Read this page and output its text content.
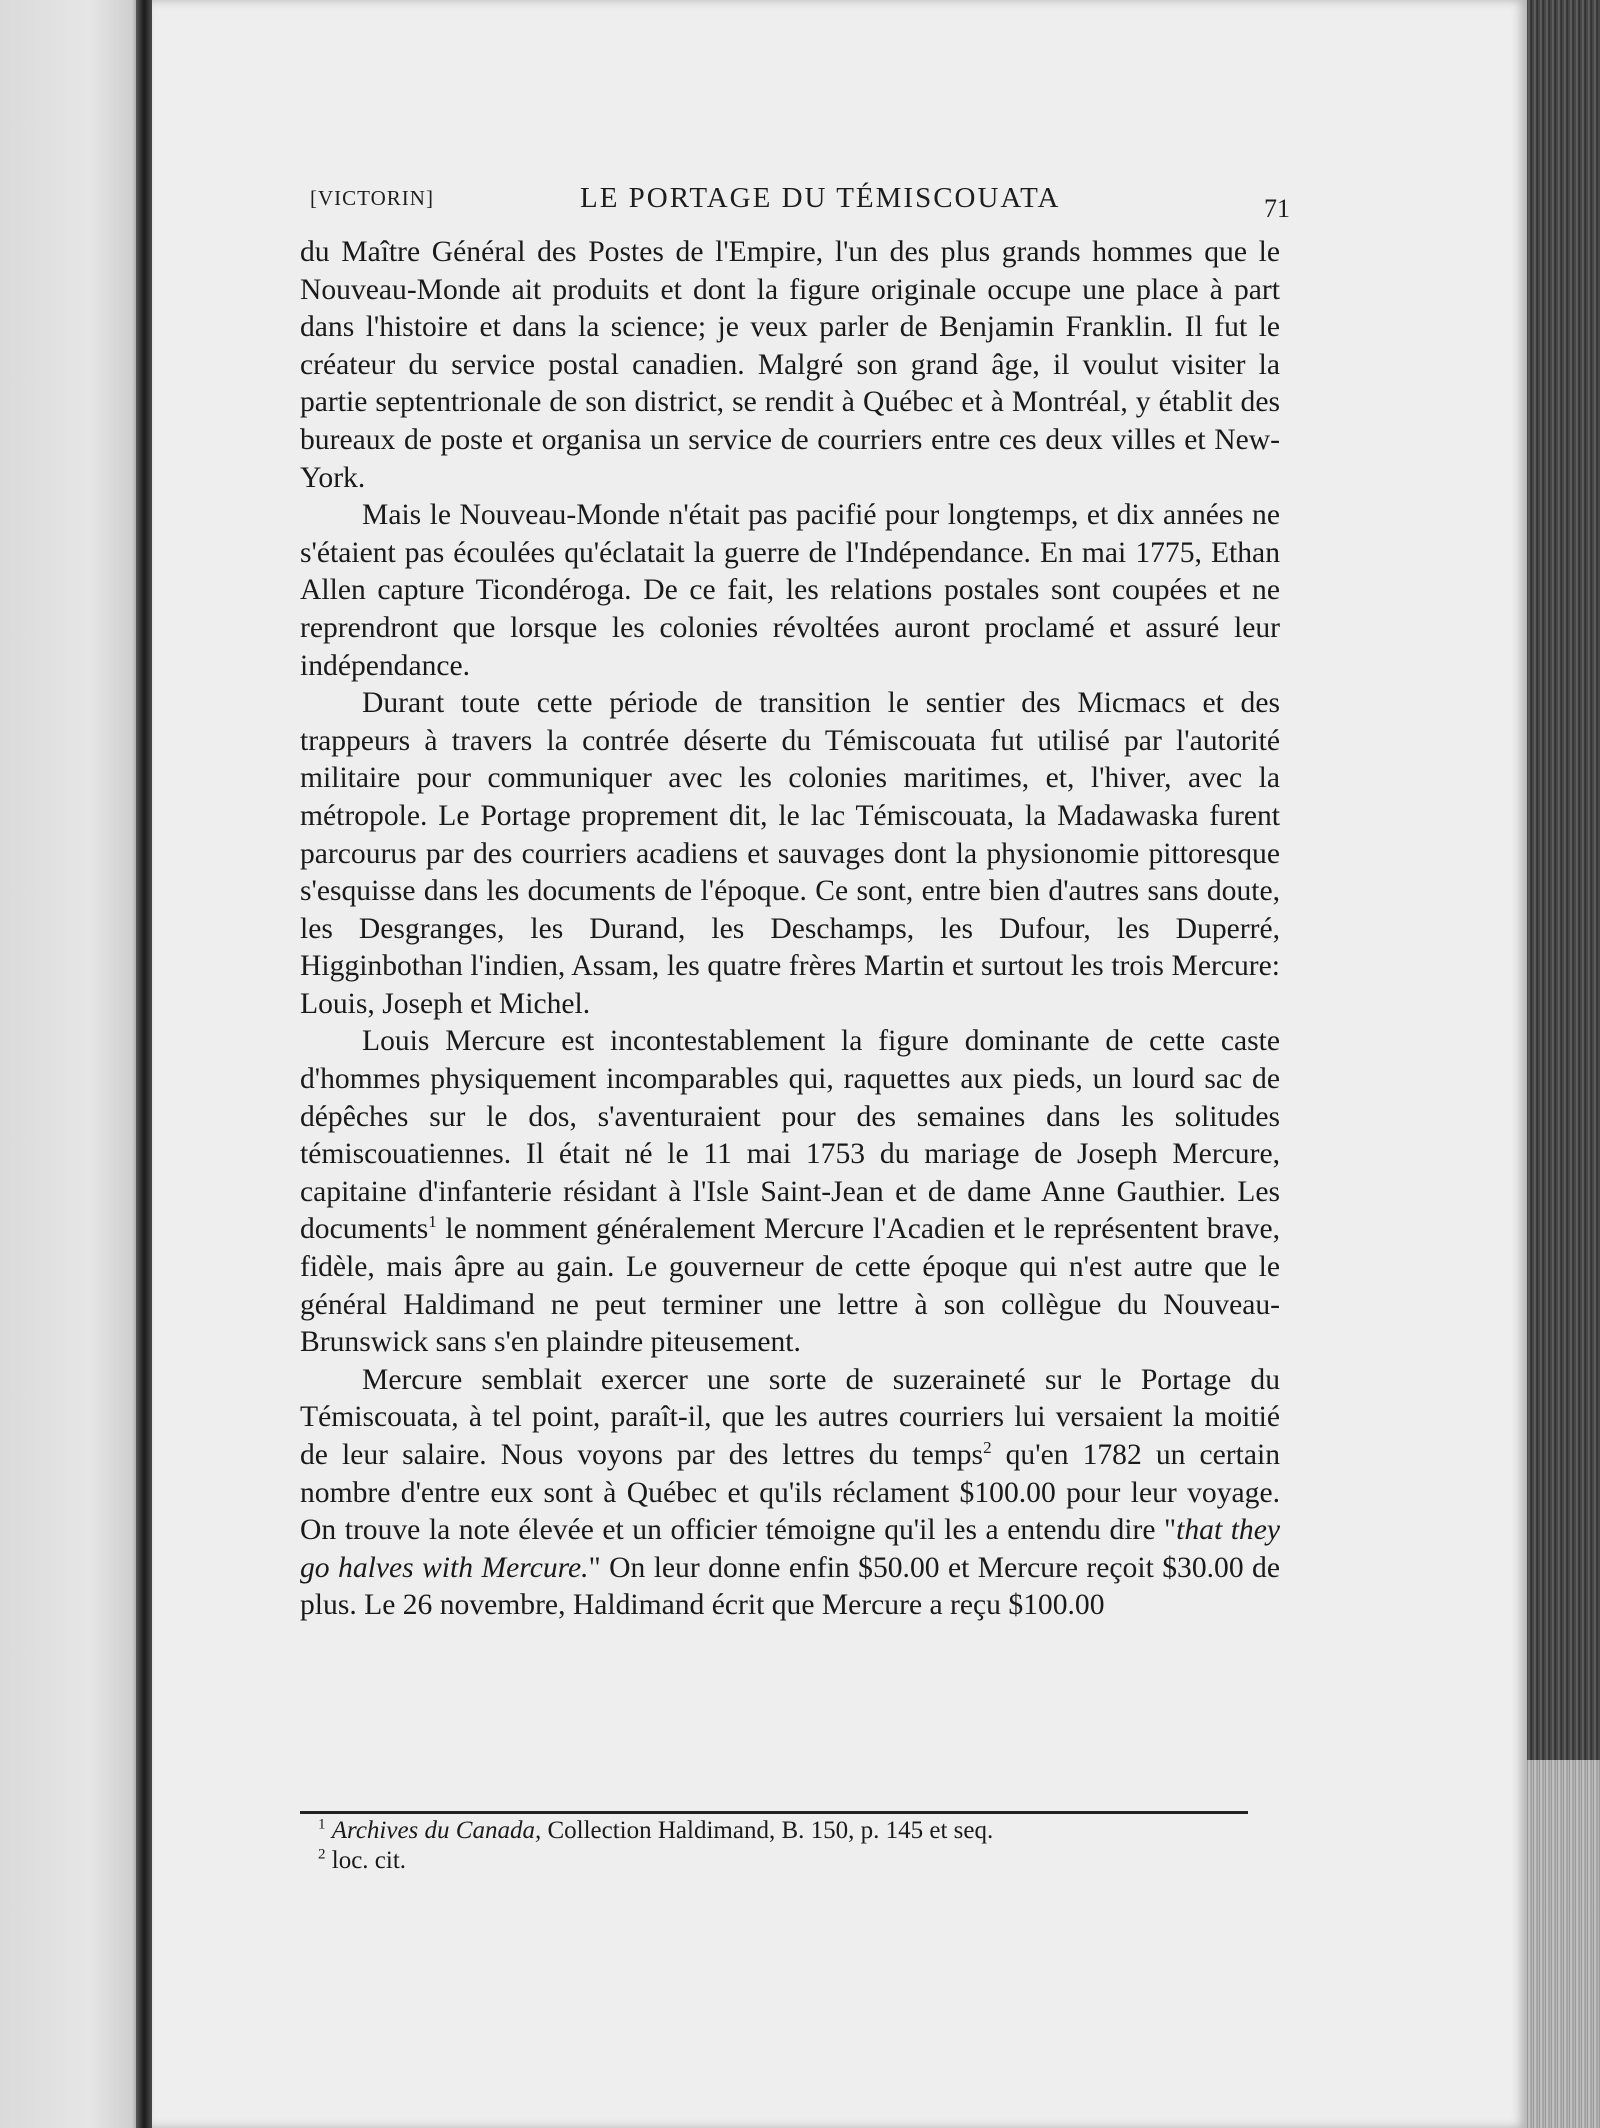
[VICTORIN]	LE PORTAGE DU TÉMISCOUATA	71

du Maître Général des Postes de l'Empire, l'un des plus grands hommes que le Nouveau-Monde ait produits et dont la figure originale occupe une place à part dans l'histoire et dans la science; je veux parler de Benjamin Franklin. Il fut le créateur du service postal canadien. Malgré son grand âge, il voulut visiter la partie septentrionale de son district, se rendit à Québec et à Montréal, y établit des bureaux de poste et organisa un service de courriers entre ces deux villes et New-York.

Mais le Nouveau-Monde n'était pas pacifié pour longtemps, et dix années ne s'étaient pas écoulées qu'éclatait la guerre de l'Indépendance. En mai 1775, Ethan Allen capture Ticondéroga. De ce fait, les relations postales sont coupées et ne reprendront que lorsque les colonies révoltées auront proclamé et assuré leur indépendance.

Durant toute cette période de transition le sentier des Micmacs et des trappeurs à travers la contrée déserte du Témiscouata fut utilisé par l'autorité militaire pour communiquer avec les colonies maritimes, et, l'hiver, avec la métropole. Le Portage proprement dit, le lac Témiscouata, la Madawaska furent parcourus par des courriers acadiens et sauvages dont la physionomie pittoresque s'esquisse dans les documents de l'époque. Ce sont, entre bien d'autres sans doute, les Desgranges, les Durand, les Deschamps, les Dufour, les Duperré, Higginbothan l'indien, Assam, les quatre frères Martin et surtout les trois Mercure: Louis, Joseph et Michel.

Louis Mercure est incontestablement la figure dominante de cette caste d'hommes physiquement incomparables qui, raquettes aux pieds, un lourd sac de dépêches sur le dos, s'aventuraient pour des semaines dans les solitudes témiscouatiennes. Il était né le 11 mai 1753 du mariage de Joseph Mercure, capitaine d'infanterie résidant à l'Isle Saint-Jean et de dame Anne Gauthier. Les documents$^1$ le nomment généralement Mercure l'Acadien et le représentent brave, fidèle, mais âpre au gain. Le gouverneur de cette époque qui n'est autre que le général Haldimand ne peut terminer une lettre à son collègue du Nouveau-Brunswick sans s'en plaindre piteusement.

Mercure semblait exercer une sorte de suzeraineté sur le Portage du Témiscouata, à tel point, paraît-il, que les autres courriers lui versaient la moitié de leur salaire. Nous voyons par des lettres du temps$^2$ qu'en 1782 un certain nombre d'entre eux sont à Québec et qu'ils réclament $100.00 pour leur voyage. On trouve la note élevée et un officier témoigne qu'il les a entendu dire "that they go halves with Mercure." On leur donne enfin $50.00 et Mercure reçoit $30.00 de plus. Le 26 novembre, Haldimand écrit que Mercure a reçu $100.00

$^1$ Archives du Canada, Collection Haldimand, B. 150, p. 145 et seq.

$^2$ loc. cit.
